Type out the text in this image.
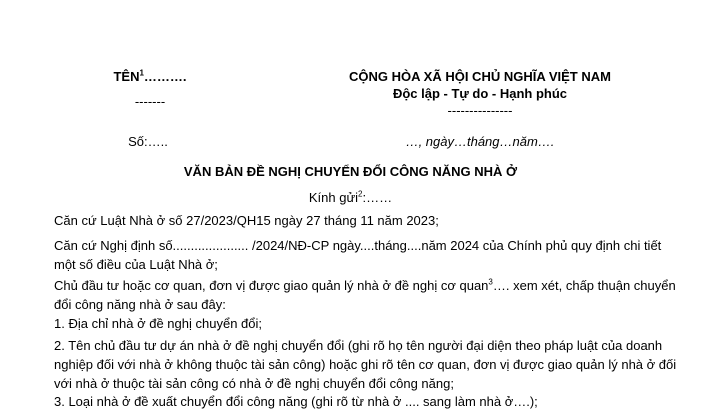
TÊN$^1$……….
-------
Số:…..
CỘNG HÒA XÃ HỘI CHỦ NGHĨA VIỆT NAM
Độc lập - Tự do - Hạnh phúc
---------------
…, ngày…tháng…năm….
VĂN BẢN ĐỀ NGHỊ CHUYỂN ĐỔI CÔNG NĂNG NHÀ Ở
Kính gửi$^2$:……
Căn cứ Luật Nhà ở số 27/2023/QH15 ngày 27 tháng 11 năm 2023;
Căn cứ Nghị định số..................... /2024/NĐ-CP ngày....tháng....năm 2024 của Chính phủ quy định chi tiết một số điều của Luật Nhà ở;
Chủ đầu tư hoặc cơ quan, đơn vị được giao quản lý nhà ở đề nghị cơ quan$^3$…. xem xét, chấp thuận chuyển đổi công năng nhà ở sau đây:
1. Địa chỉ nhà ở đề nghị chuyển đổi;
2. Tên chủ đầu tư dự án nhà ở đề nghị chuyển đổi (ghi rõ họ tên người đại diện theo pháp luật của doanh nghiệp đối với nhà ở không thuộc tài sản công) hoặc ghi rõ tên cơ quan, đơn vị được giao quản lý nhà ở đối với nhà ở thuộc tài sản công có nhà ở đề nghị chuyển đổi công năng;
3. Loại nhà ở đề xuất chuyển đổi công năng (ghi rõ từ nhà ở .... sang làm nhà ở….);
